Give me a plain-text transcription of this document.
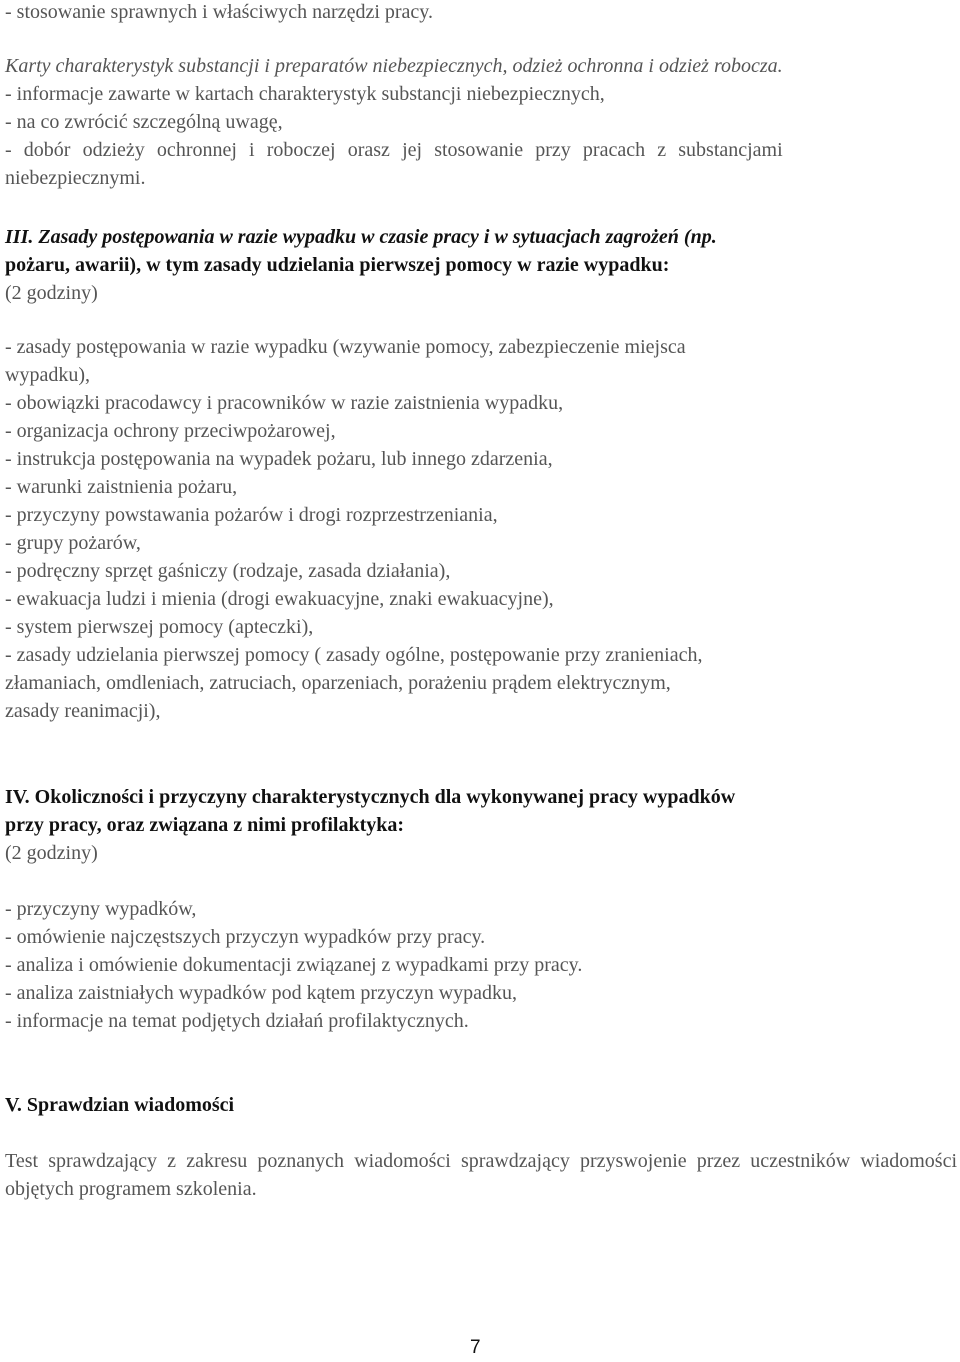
- stosowanie sprawnych i właściwych narzędzi pracy.
Karty charakterystyk substancji i preparatów niebezpiecznych, odzież ochronna i odzież robocza.
- informacje zawarte w kartach charakterystyk substancji niebezpiecznych,
- na co zwrócić szczególną uwagę,
- dobór odzieży ochronnej i roboczej orasz jej stosowanie przy pracach z substancjami
niebezpiecznymi.
III. Zasady postępowania w razie wypadku w czasie pracy i w sytuacjach zagrożeń (np.
pożaru, awarii), w tym zasady udzielania pierwszej pomocy w razie wypadku:
(2 godziny)
- zasady postępowania w razie wypadku (wzywanie pomocy, zabezpieczenie miejsca
wypadku),
- obowiązki pracodawcy i pracowników w razie zaistnienia wypadku,
- organizacja ochrony przeciwpożarowej,
- instrukcja postępowania na wypadek pożaru, lub innego zdarzenia,
- warunki zaistnienia pożaru,
- przyczyny powstawania pożarów i drogi rozprzestrzeniania,
- grupy pożarów,
- podręczny sprzęt gaśniczy (rodzaje, zasada działania),
- ewakuacja ludzi i mienia (drogi ewakuacyjne, znaki ewakuacyjne),
- system pierwszej pomocy (apteczki),
- zasady udzielania pierwszej pomocy ( zasady ogólne, postępowanie przy zranieniach,
złamaniach, omdleniach, zatruciach, oparzeniach, porażeniu prądem elektrycznym,
zasady reanimacji),
IV. Okoliczności i przyczyny charakterystycznych dla wykonywanej pracy wypadków
przy pracy, oraz związana z nimi profilaktyka:
(2 godziny)
- przyczyny wypadków,
- omówienie najczęstszych przyczyn wypadków przy pracy.
- analiza i omówienie dokumentacji związanej z wypadkami przy pracy.
- analiza zaistniałych wypadków pod kątem przyczyn wypadku,
- informacje na temat podjętych działań profilaktycznych.
V. Sprawdzian wiadomości
Test sprawdzający z zakresu poznanych wiadomości sprawdzający przyswojenie przez uczestników wiadomości objętych programem szkolenia.
7
